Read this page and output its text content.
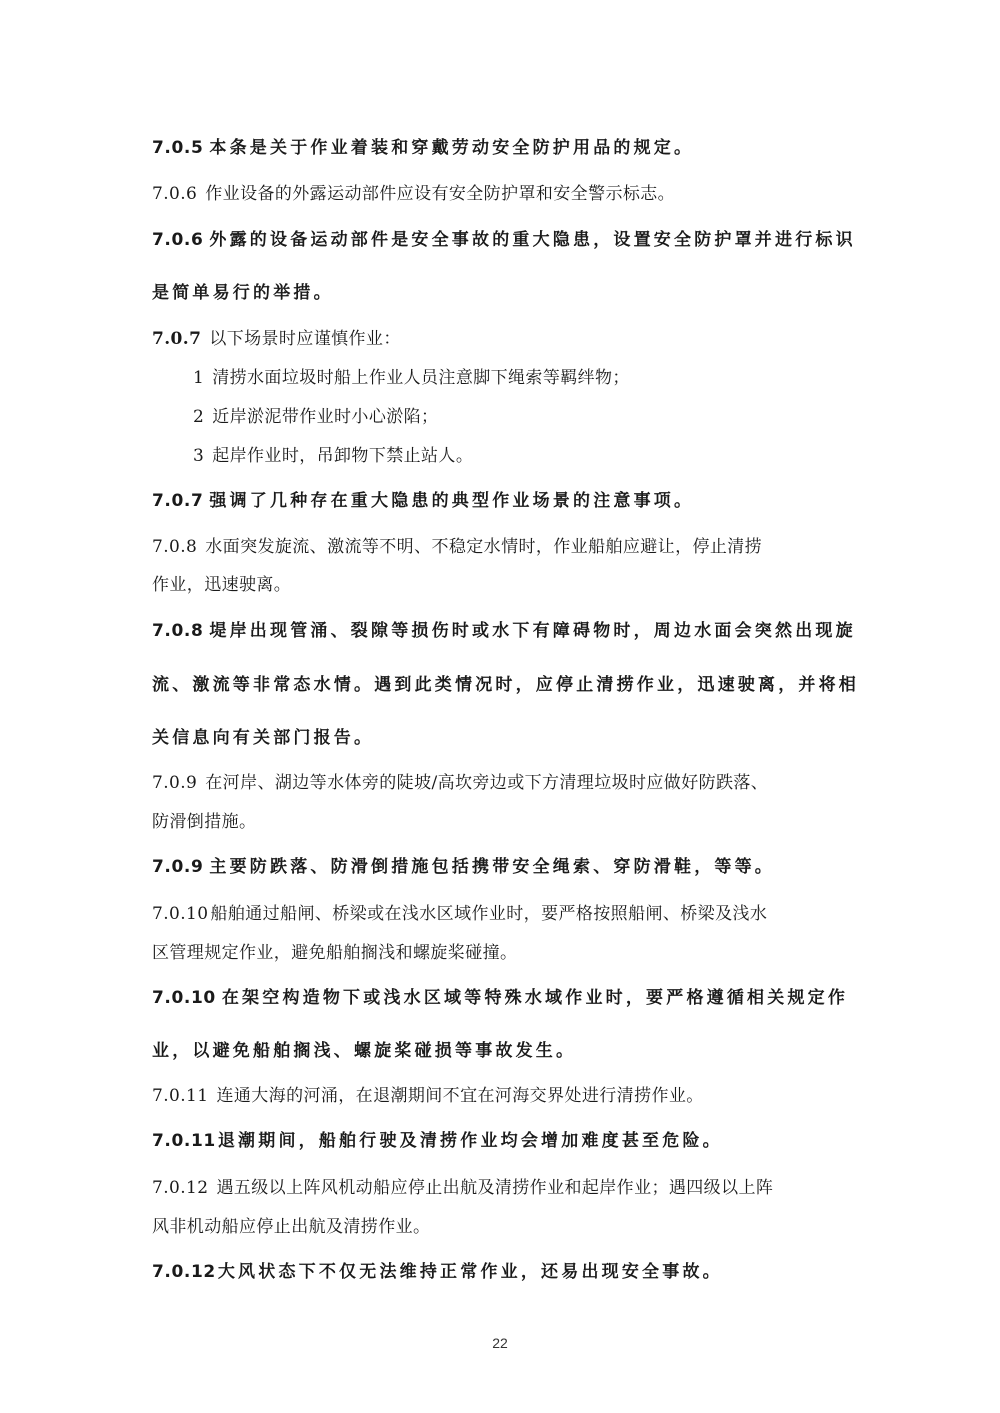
7.0.5 本条是关于作业着装和穿戴劳动安全防护用品的规定。
7.0.6 作业设备的外露运动部件应设有安全防护罩和安全警示标志。
7.0.6 外露的设备运动部件是安全事故的重大隐患，设置安全防护罩并进行标识
是简单易行的举措。
7.0.7 以下场景时应谨慎作业：
1 清捞水面垃圾时船上作业人员注意脚下绳索等羁绊物；
2 近岸淤泥带作业时小心淤陷；
3 起岸作业时，吊卸物下禁止站人。
7.0.7 强调了几种存在重大隐患的典型作业场景的注意事项。
7.0.8 水面突发旋流、激流等不明、不稳定水情时，作业船舶应避让，停止清捞
作业，迅速驶离。
7.0.8 堤岸出现管涌、裂隙等损伤时或水下有障碍物时，周边水面会突然出现旋
流、激流等非常态水情。遇到此类情况时，应停止清捞作业，迅速驶离，并将相
关信息向有关部门报告。
7.0.9 在河岸、湖边等水体旁的陡坡/高坎旁边或下方清理垃圾时应做好防跌落、
防滑倒措施。
7.0.9 主要防跌落、防滑倒措施包括携带安全绳索、穿防滑鞋，等等。
7.0.10 船舶通过船闸、桥梁或在浅水区域作业时，要严格按照船闸、桥梁及浅水
区管理规定作业，避免船舶搁浅和螺旋桨碰撞。
7.0.10 在架空构造物下或浅水区域等特殊水域作业时，要严格遵循相关规定作
业，以避免船舶搁浅、螺旋桨碰损等事故发生。
7.0.11 连通大海的河涌，在退潮期间不宜在河海交界处进行清捞作业。
7.0.11 退潮期间，船舶行驶及清捞作业均会增加难度甚至危险。
7.0.12 遇五级以上阵风机动船应停止出航及清捞作业和起岸作业；遇四级以上阵
风非机动船应停止出航及清捞作业。
7.0.12 大风状态下不仅无法维持正常作业，还易出现安全事故。
22
